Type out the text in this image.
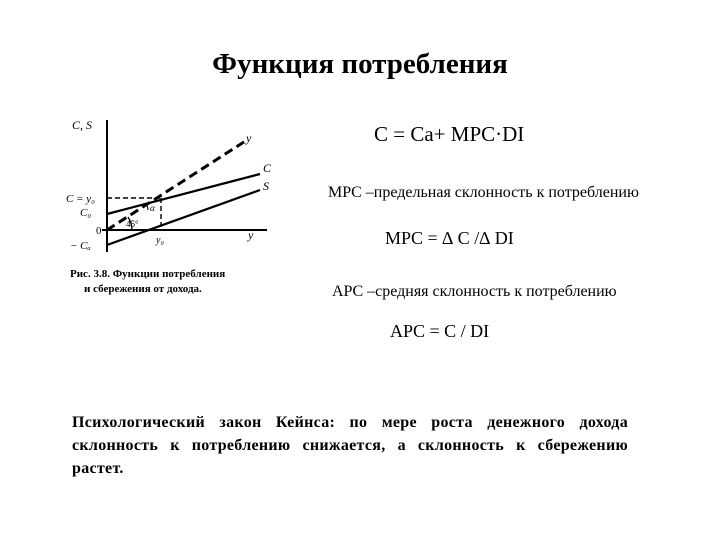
Функция потребления
C, S
y
y
C
S
C = y₀
C₀
0
− Cₐ	y₀
45°
α
Рис. 3.8. Функции потребления
и сбережения от дохода.
C = Ca+ MPC·DI
MPC –предельная склонность к потреблению
MPC = ∆ C /∆ DI
APC –средняя склонность к потреблению
APC = C / DI
Психологический закон Кейнса: по мере роста денежного дохода склонность к потреблению снижается, а склонность к сбережению растет.
